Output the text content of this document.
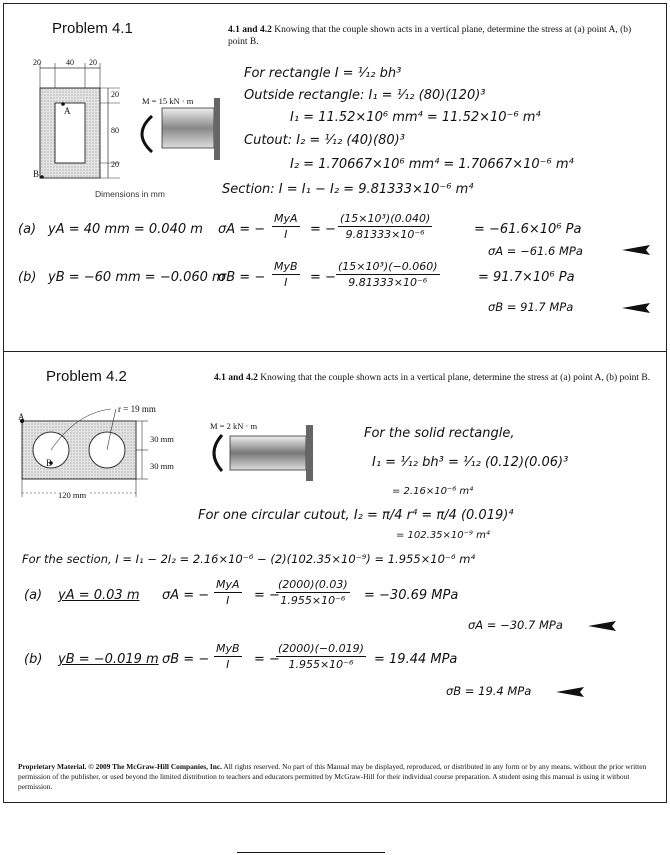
Problem 4.1	4.1 and 4.2 Knowing that the couple shown acts in a vertical plane, determine the stress at (a) point A, (b) point B.
20	40 20
20
80
20
A
B
M = 15 kN · m
Dimensions in mm
For rectangle I = ¹⁄₁₂ bh³
Outside rectangle: I₁ = ¹⁄₁₂ (80)(120)³
I₁ = 11.52×10⁶ mm⁴ = 11.52×10⁻⁶ m⁴
Cutout: I₂ = ¹⁄₁₂ (40)(80)³
I₂ = 1.70667×10⁶ mm⁴ = 1.70667×10⁻⁶ m⁴
Section: I = I₁ − I₂ = 9.81333×10⁻⁶ m⁴
(a) yA = 40 mm = 0.040 m σA = −
MyA
I	= − $\frac{\text{(15×10³)(0.040)}}{\text{9.81333×10⁻⁶}}$	= −61.6×10⁶ Pa
σA = −61.6 MPa
(b) yB = −60 mm = −0.060 m
σB = −
MyB
I	= − $\frac{\text{(15×10³)(−0.060)}}{\text{9.81333×10⁻⁶}}$	= 91.7×10⁶ Pa
σB = 91.7 MPa
Problem 4.2	4.1 and 4.2 Knowing that the couple shown acts in a vertical plane, determine the stress at (a) point A, (b) point B.
A
B
r = 19 mm
30 mm
30 mm
120 mm
M = 2 kN · m	For the solid rectangle,
I₁ = ¹⁄₁₂ bh³ = ¹⁄₁₂ (0.12)(0.06)³
= 2.16×10⁻⁶ m⁴
For one circular cutout, I₂ = π/4 r⁴ = π/4 (0.019)⁴
= 102.35×10⁻⁹ m⁴
For the section, I = I₁ − 2I₂ = 2.16×10⁻⁶ − (2)(102.35×10⁻⁹) = 1.955×10⁻⁶ m⁴
(a) yA = 0.03 m σA = −
MyA
I	= −
$\frac{(2000)(0.03)}{\text{1.955×10⁻⁶}} = -30.69$ MPa
σA = −30.7 MPa
(b) yB = −0.019 m σB = −
MyB
I	= −
$\frac{(2000)(-0.019)}{\text{1.955×10⁻⁶}} = 19.44$ MPa
σB = 19.4 MPa
Proprietary Material. © 2009 The McGraw-Hill Companies, Inc. All rights reserved. No part of this Manual may be displayed, reproduced, or distributed in any form or by any means, without the prior written permission of the publisher, or used beyond the limited distribution to teachers and educators permitted by McGraw-Hill for their individual course preparation. A student using this manual is using it without permission.
